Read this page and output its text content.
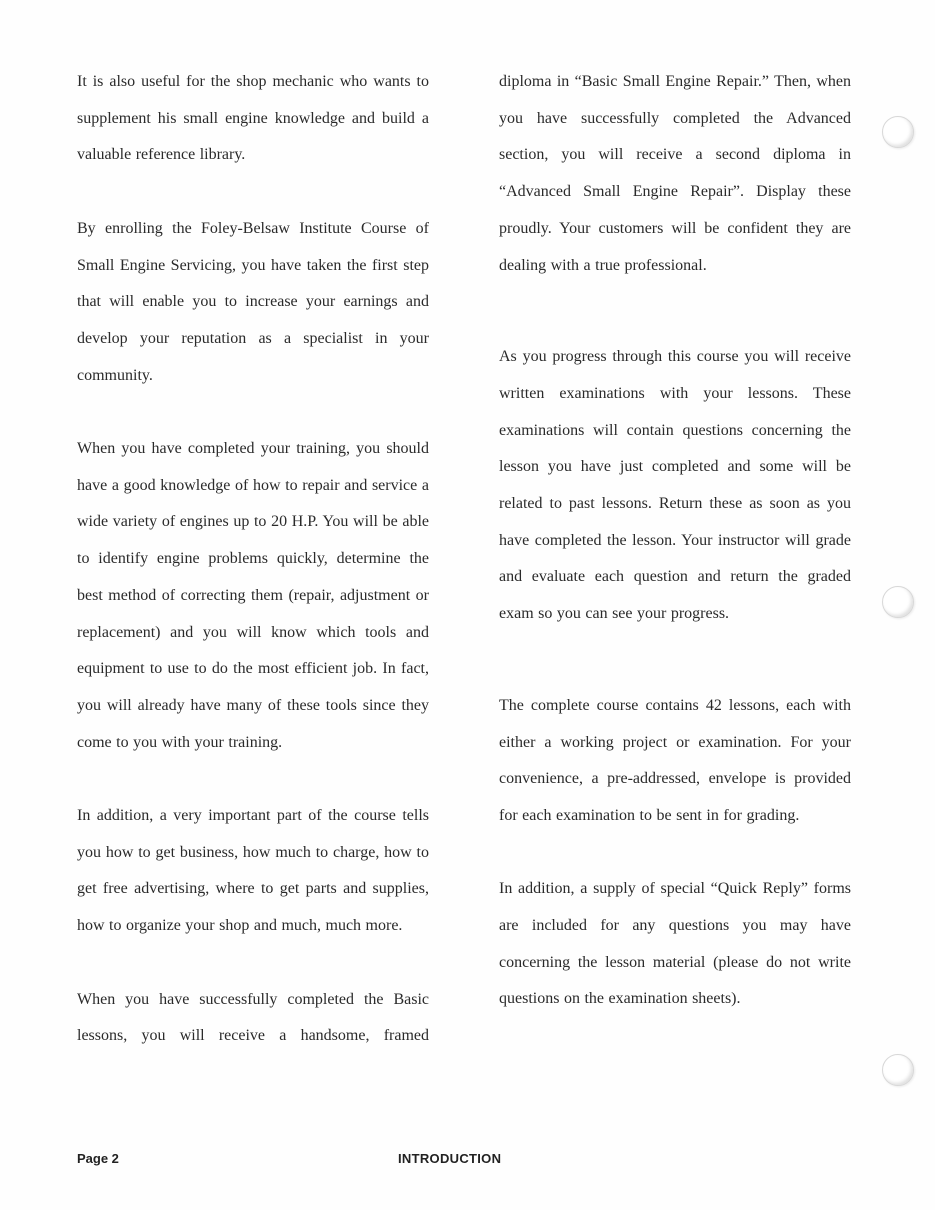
It is also useful for the shop mechanic who wants to supplement his small engine knowledge and build a valuable reference library.

By enrolling the Foley-Belsaw Institute Course of Small Engine Servicing, you have taken the first step that will enable you to increase your earnings and develop your reputation as a specialist in your community.

When you have completed your training, you should have a good knowledge of how to repair and service a wide variety of engines up to 20 H.P. You will be able to identify engine problems quickly, determine the best method of correcting them (repair, adjustment or replacement) and you will know which tools and equipment to use to do the most efficient job. In fact, you will already have many of these tools since they come to you with your training.

In addition, a very important part of the course tells you how to get business, how much to charge, how to get free advertising, where to get parts and supplies, how to organize your shop and much, much more.

When you have successfully completed the Basic lessons, you will receive a handsome, framed

diploma in “Basic Small Engine Repair.” Then, when you have successfully completed the Advanced section, you will receive a second diploma in “Advanced Small Engine Repair”. Display these proudly. Your customers will be confident they are dealing with a true professional.

As you progress through this course you will receive written examinations with your lessons. These examinations will contain questions concerning the lesson you have just completed and some will be related to past lessons. Return these as soon as you have completed the lesson. Your instructor will grade and evaluate each question and return the graded exam so you can see your progress.

The complete course contains 42 lessons, each with either a working project or examination. For your convenience, a pre-addressed, envelope is provided for each examination to be sent in for grading.

In addition, a supply of special “Quick Reply” forms are included for any questions you may have concerning the lesson material (please do not write questions on the examination sheets).

Page 2	INTRODUCTION
